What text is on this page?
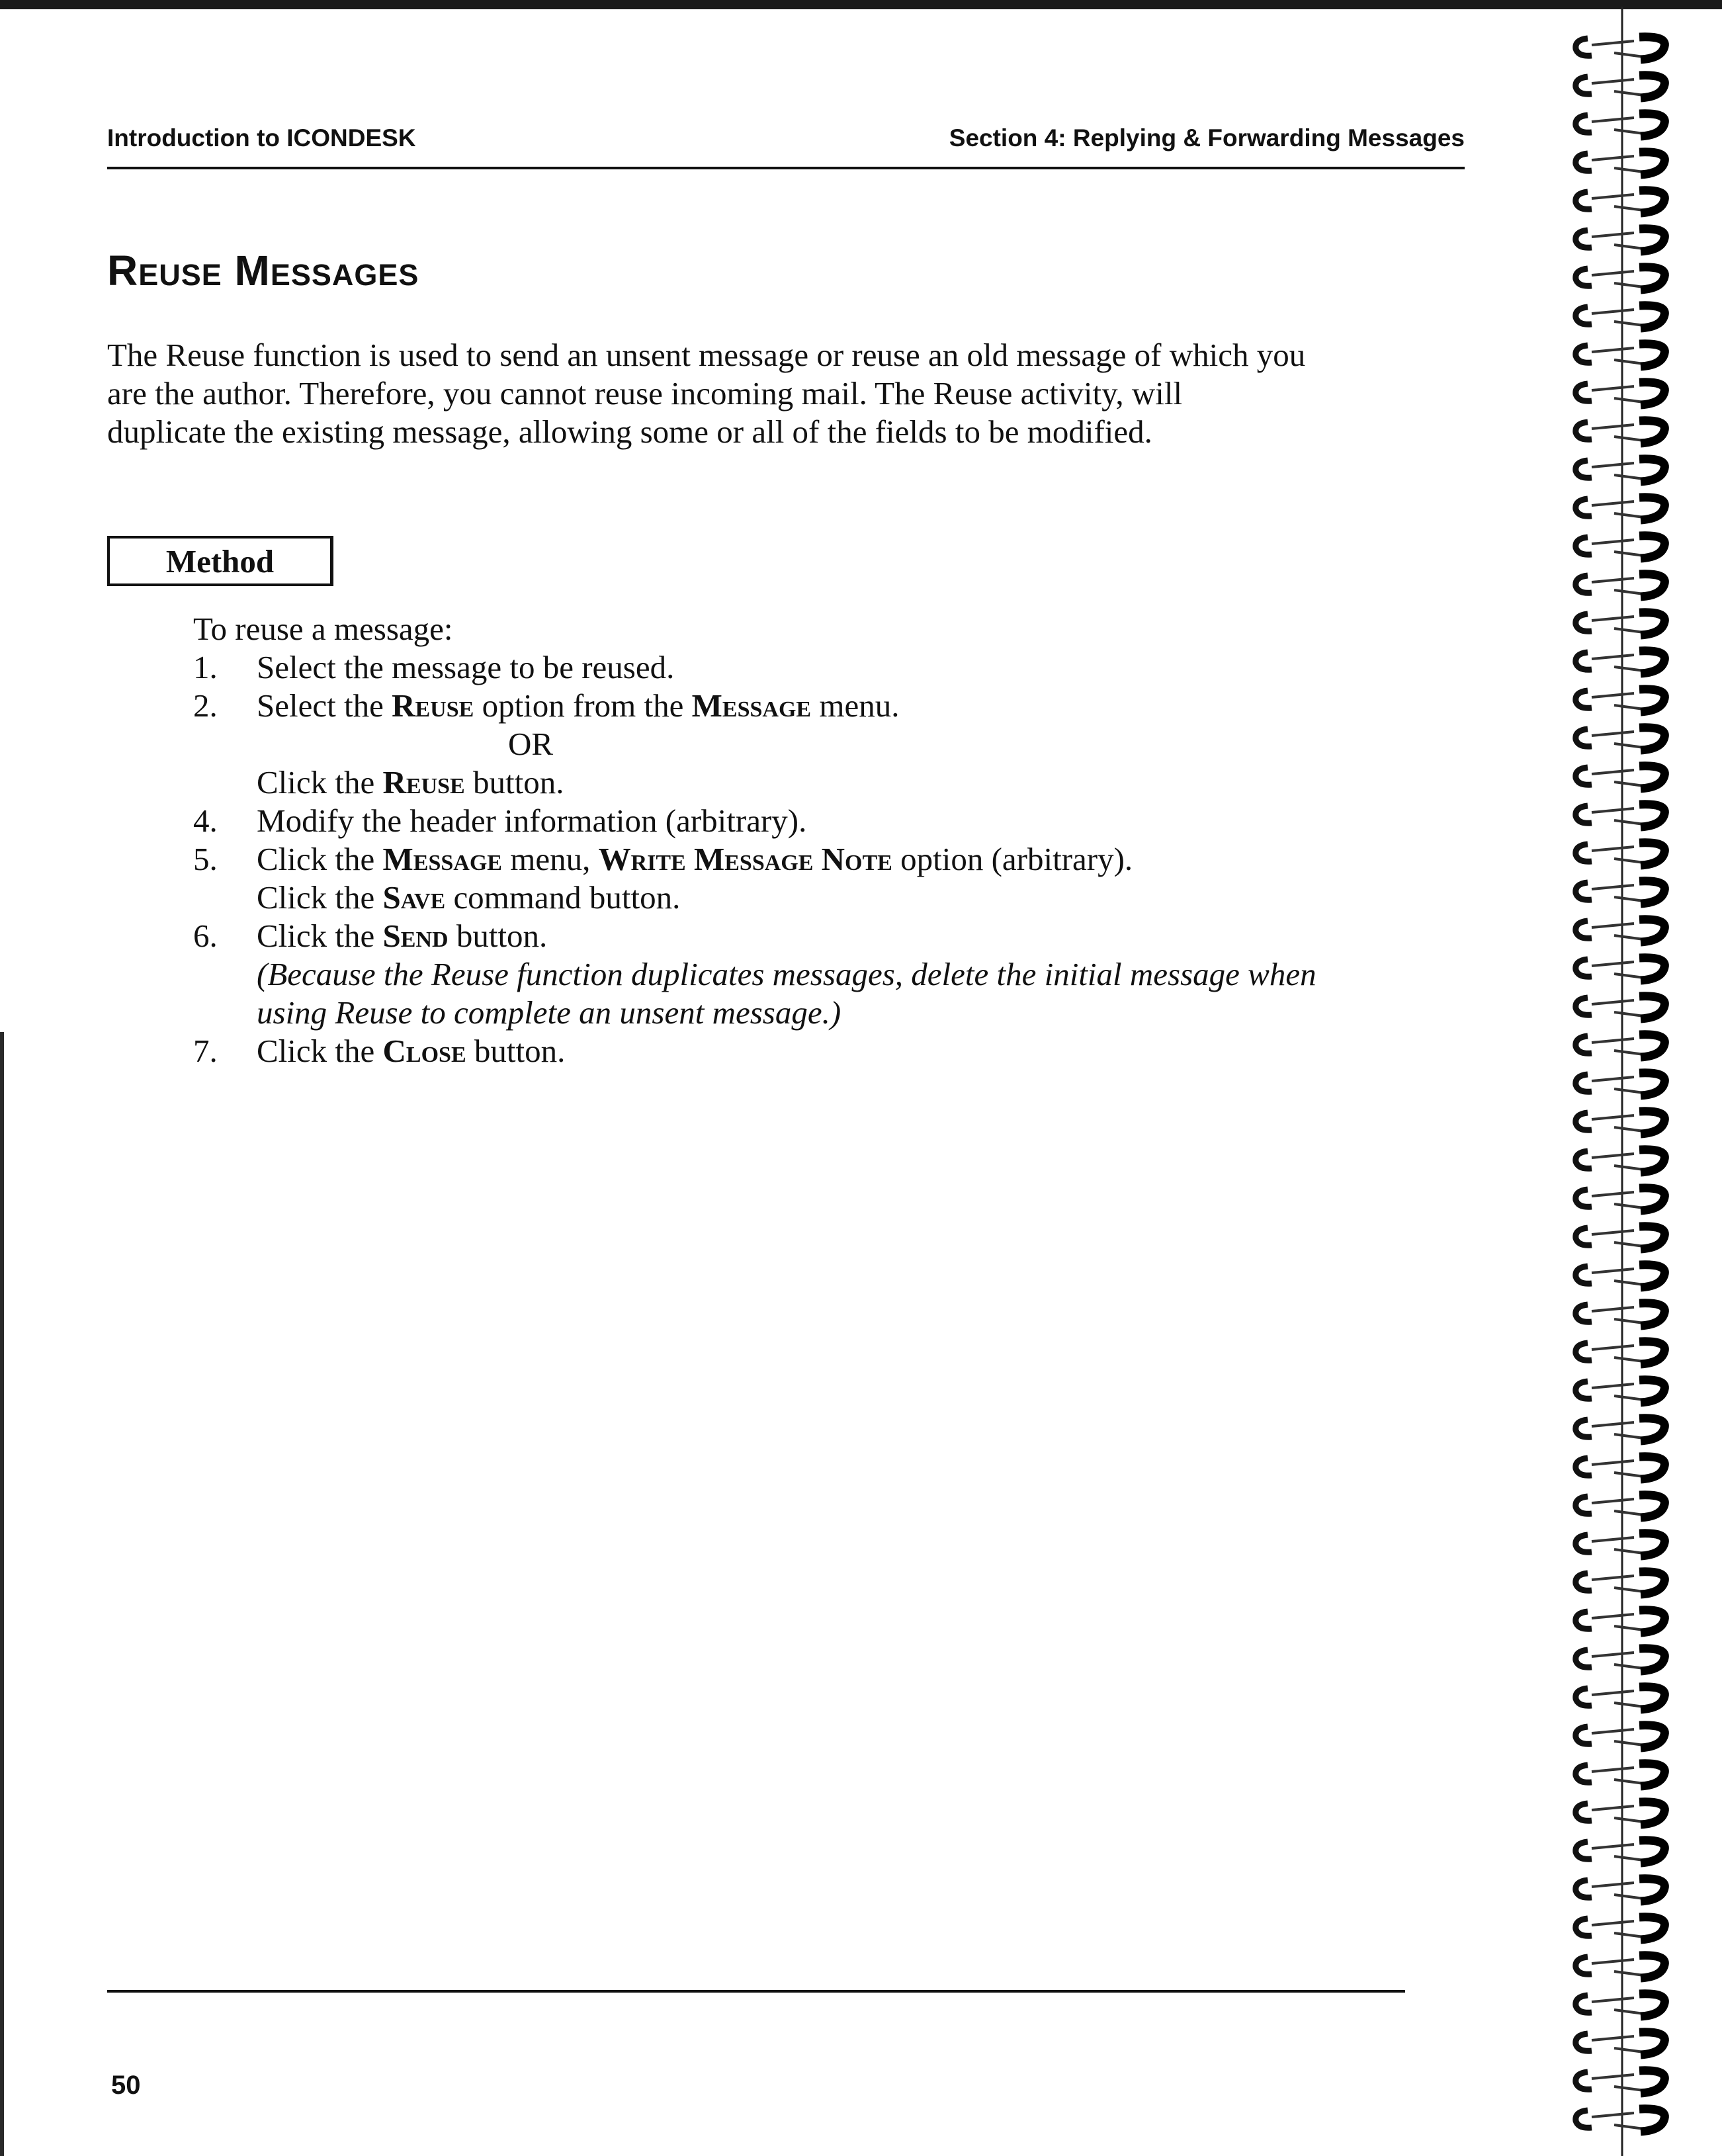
Introduction to ICONDESK	Section 4: Replying & Forwarding Messages
Reuse Messages
The Reuse function is used to send an unsent message or reuse an old message of which you
are the author. Therefore, you cannot reuse incoming mail. The Reuse activity, will
duplicate the existing message, allowing some or all of the fields to be modified.
Method
To reuse a message:
1. Select the message to be reused.
2. Select the Reuse option from the Message menu.
OR
Click the Reuse button.
4. Modify the header information (arbitrary).
5. Click the Message menu, Write Message Note option (arbitrary).
Click the Save command button.
6. Click the Send button.
(Because the Reuse function duplicates messages, delete the initial message when
using Reuse to complete an unsent message.)
7. Click the Close button.
50
